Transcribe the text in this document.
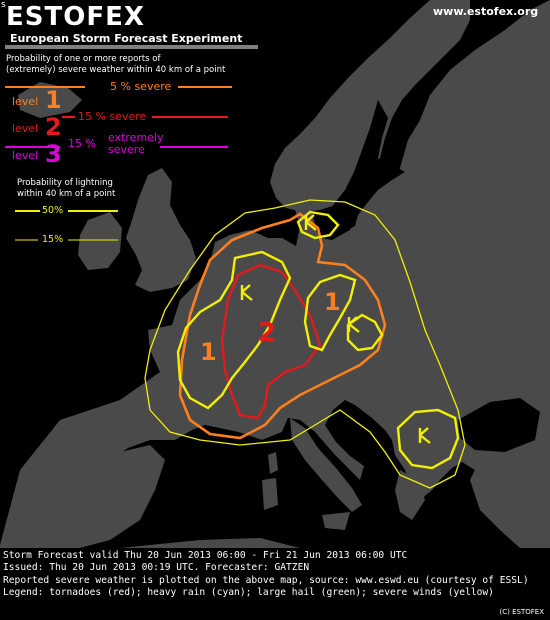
s ESTOFEX
European Storm Forecast Experiment
www.estofex.org
Probability of one or more reports of
(extremely) severe weather within 40 km of a point
level 1	5 % severe
level 2 15 % severe
level 3 15 % extremely
severe
Probability of lightning
within 40 km of a point
50%
15%
1
1
2
Storm Forecast valid Thu 20 Jun 2013 06:00 - Fri 21 Jun 2013 06:00 UTC
Issued: Thu 20 Jun 2013 00:19 UTC. Forecaster: GATZEN
Reported severe weather is plotted on the above map, source: www.eswd.eu (courtesy of ESSL)
Legend: tornadoes (red); heavy rain (cyan); large hail (green); severe winds (yellow)
(C) ESTOFEX
